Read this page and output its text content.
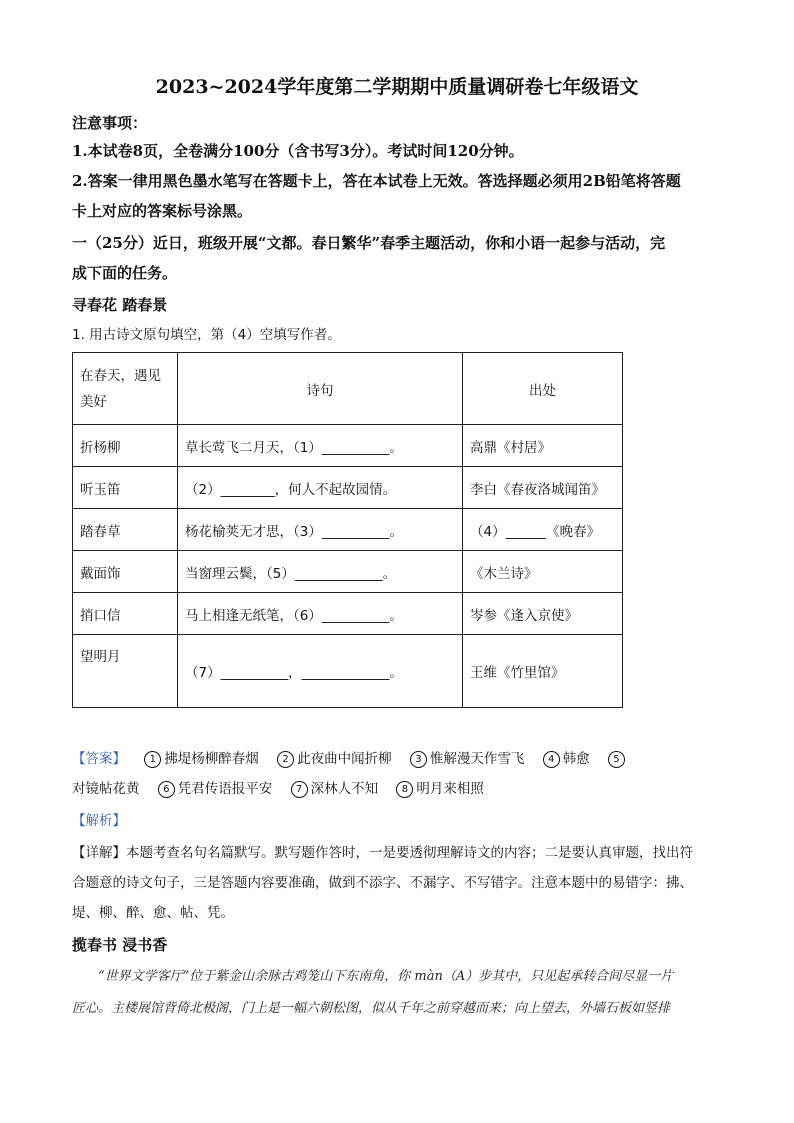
2023~2024学年度第二学期期中质量调研卷七年级语文
注意事项：
1.本试卷8页，全卷满分100分（含书写3分）。考试时间120分钟。
2.答案一律用黑色墨水笔写在答题卡上，答在本试卷上无效。答选择题必须用2B铅笔将答题
卡上对应的答案标号涂黑。
一（25分）近日，班级开展“文都。春日繁华”春季主题活动，你和小语一起参与活动，完
成下面的任务。
寻春花 踏春景
1. 用古诗文原句填空，第（4）空填写作者。
在春天，遇见美好	诗句	出处
折杨柳	草长莺飞二月天，（1）__________。	高鼎《村居》
听玉笛	（2）________，何人不起故园情。	李白《春夜洛城闻笛》
踏春草	杨花榆荚无才思，（3）__________。	（4）______《晚春》
戴面饰	当窗理云鬓，（5）_____________。	《木兰诗》
捎口信	马上相逢无纸笔，（6）__________。	岑参《逢入京使》
望明月	（7）__________，_____________。	王维《竹里馆》
【答案】 1 拂堤杨柳醉春烟 2 此夜曲中闻折柳 3 惟解漫天作雪飞 4 韩愈 5
对镜帖花黄 6 凭君传语报平安 7 深林人不知 8 明月来相照
【解析】
【详解】本题考查名句名篇默写。默写题作答时，一是要透彻理解诗文的内容；二是要认真审题，找出符
合题意的诗文句子，三是答题内容要准确，做到不添字、不漏字、不写错字。注意本题中的易错字：拂、
堤、柳、醉、愈、帖、凭。
揽春书 浸书香
“世界文学客厅”位于紫金山余脉古鸡笼山下东南角，你 màn（A）步其中，只见起承转合间尽显一片
匠心。主楼展馆背倚北极阁，门上是一幅六朝松图，似从千年之前穿越而来；向上望去，外墙石板如竖排
